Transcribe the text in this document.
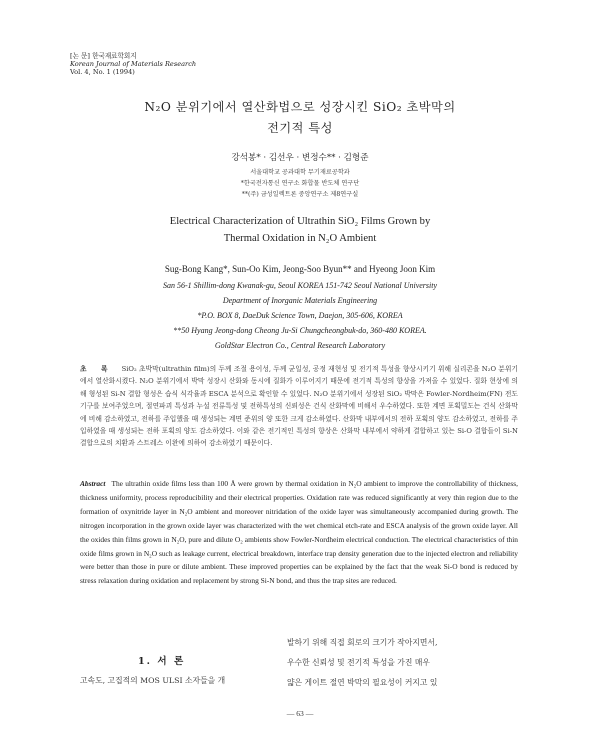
[논 문] 한국재료학회지
Korean Journal of Materials Research
Vol. 4, No. 1 (1994)
N₂O 분위기에서 열산화법으로 성장시킨 SiO₂ 초박막의
전기적 특성
강석봉* · 김선우 · 변정수** · 김형준
서울대학교 공과대학 무기재료공학과
*한국전자통신 연구소 화합물 반도체 연구단
**(주) 금성일렉트론 중앙연구소 제8연구실
Electrical Characterization of Ultrathin SiO₂ Films Grown by
Thermal Oxidation in N₂O Ambient
Sug-Bong Kang*, Sun-Oo Kim, Jeong-Soo Byun** and Hyeong Joon Kim
San 56-1 Shillim-dong Kwanak-gu, Seoul KOREA 151-742 Seoul National University
Department of Inorganic Materials Engineering
*P.O. BOX 8, DaeDuk Science Town, Daejon, 305-606, KOREA
**50 Hyang Jeong-dong Cheong Ju-Si Chungcheongbuk-do, 360-480 KOREA.
GoldStar Electron Co., Central Research Laboratory
초 록 SiO₂ 초박막(ultrathin film)의 두께 조절 용이성, 두께 균일성, 공정 재현성 및 전기적 특성을 향상시키기 위해 실리콘을 N₂O 분위기에서 열산화시켰다. N₂O 분위기에서 박막 성장시 산화와 동시에 질화가 이루어지기 때문에 전기적 특성의 향상을 가져올 수 있었다. 질화 현상에 의해 형성된 Si-N 결합 형성은 습식 식각율과 ESCA 분석으로 확인할 수 있었다. N₂O 분위기에서 성장된 SiO₂ 박막은 Fowler-Nordheim(FN) 전도 기구를 보여주었으며, 절연파괴 특성과 누설 전류특성 및 전하특성의 신뢰성은 건식 산화막에 비해서 우수하였다. 또한 계면 포획밀도는 건식 산화막에 비해 감소하였고, 전하를 주입했을 때 생성되는 계면 준위의 양 또한 크게 감소하였다. 산화막 내부에서의 전하 포획의 양도 감소하였고, 전하를 주입하였을 때 생성되는 전하 포획의 양도 감소하였다. 이와 같은 전기적인 특성의 향상은 산화막 내부에서 약하게 결합하고 있는 Si-O 결합들이 Si-N 결합으로의 치환과 스트레스 이완에 의하여 감소하였기 때문이다.
Abstract The ultrathin oxide films less than 100 Å were grown by thermal oxidation in N₂O ambient to improve the controllability of thickness, thickness uniformity, process reproducibility and their electrical properties. Oxidation rate was reduced significantly at very thin region due to the formation of oxynitride layer in N₂O ambient and moreover nitridation of the oxide layer was simultaneously accompanied during growth. The nitrogen incorporation in the grown oxide layer was characterized with the wet chemical etch-rate and ESCA analysis of the grown oxide layer. All the oxides thin films grown in N₂O, pure and dilute O₂ ambients show Fowler-Nordheim electrical conduction. The electrical characteristics of thin oxide films grown in N₂O such as leakage current, electrical breakdown, interface trap density generation due to the injected electron and reliability were better than those in pure or dilute ambient. These improved properties can be explained by the fact that the weak Si-O bond is reduced by stress relaxation during oxidation and replacement by strong Si-N bond, and thus the trap sites are reduced.
1. 서 론
고속도, 고집적의 MOS ULSI 소자들을 개
발하기 위해 직접 회로의 크기가 작아지면서,
우수한 신뢰성 및 전기적 특성을 가진 매우
얇은 게이트 절연 박막의 필요성이 커지고 있
— 63 —
